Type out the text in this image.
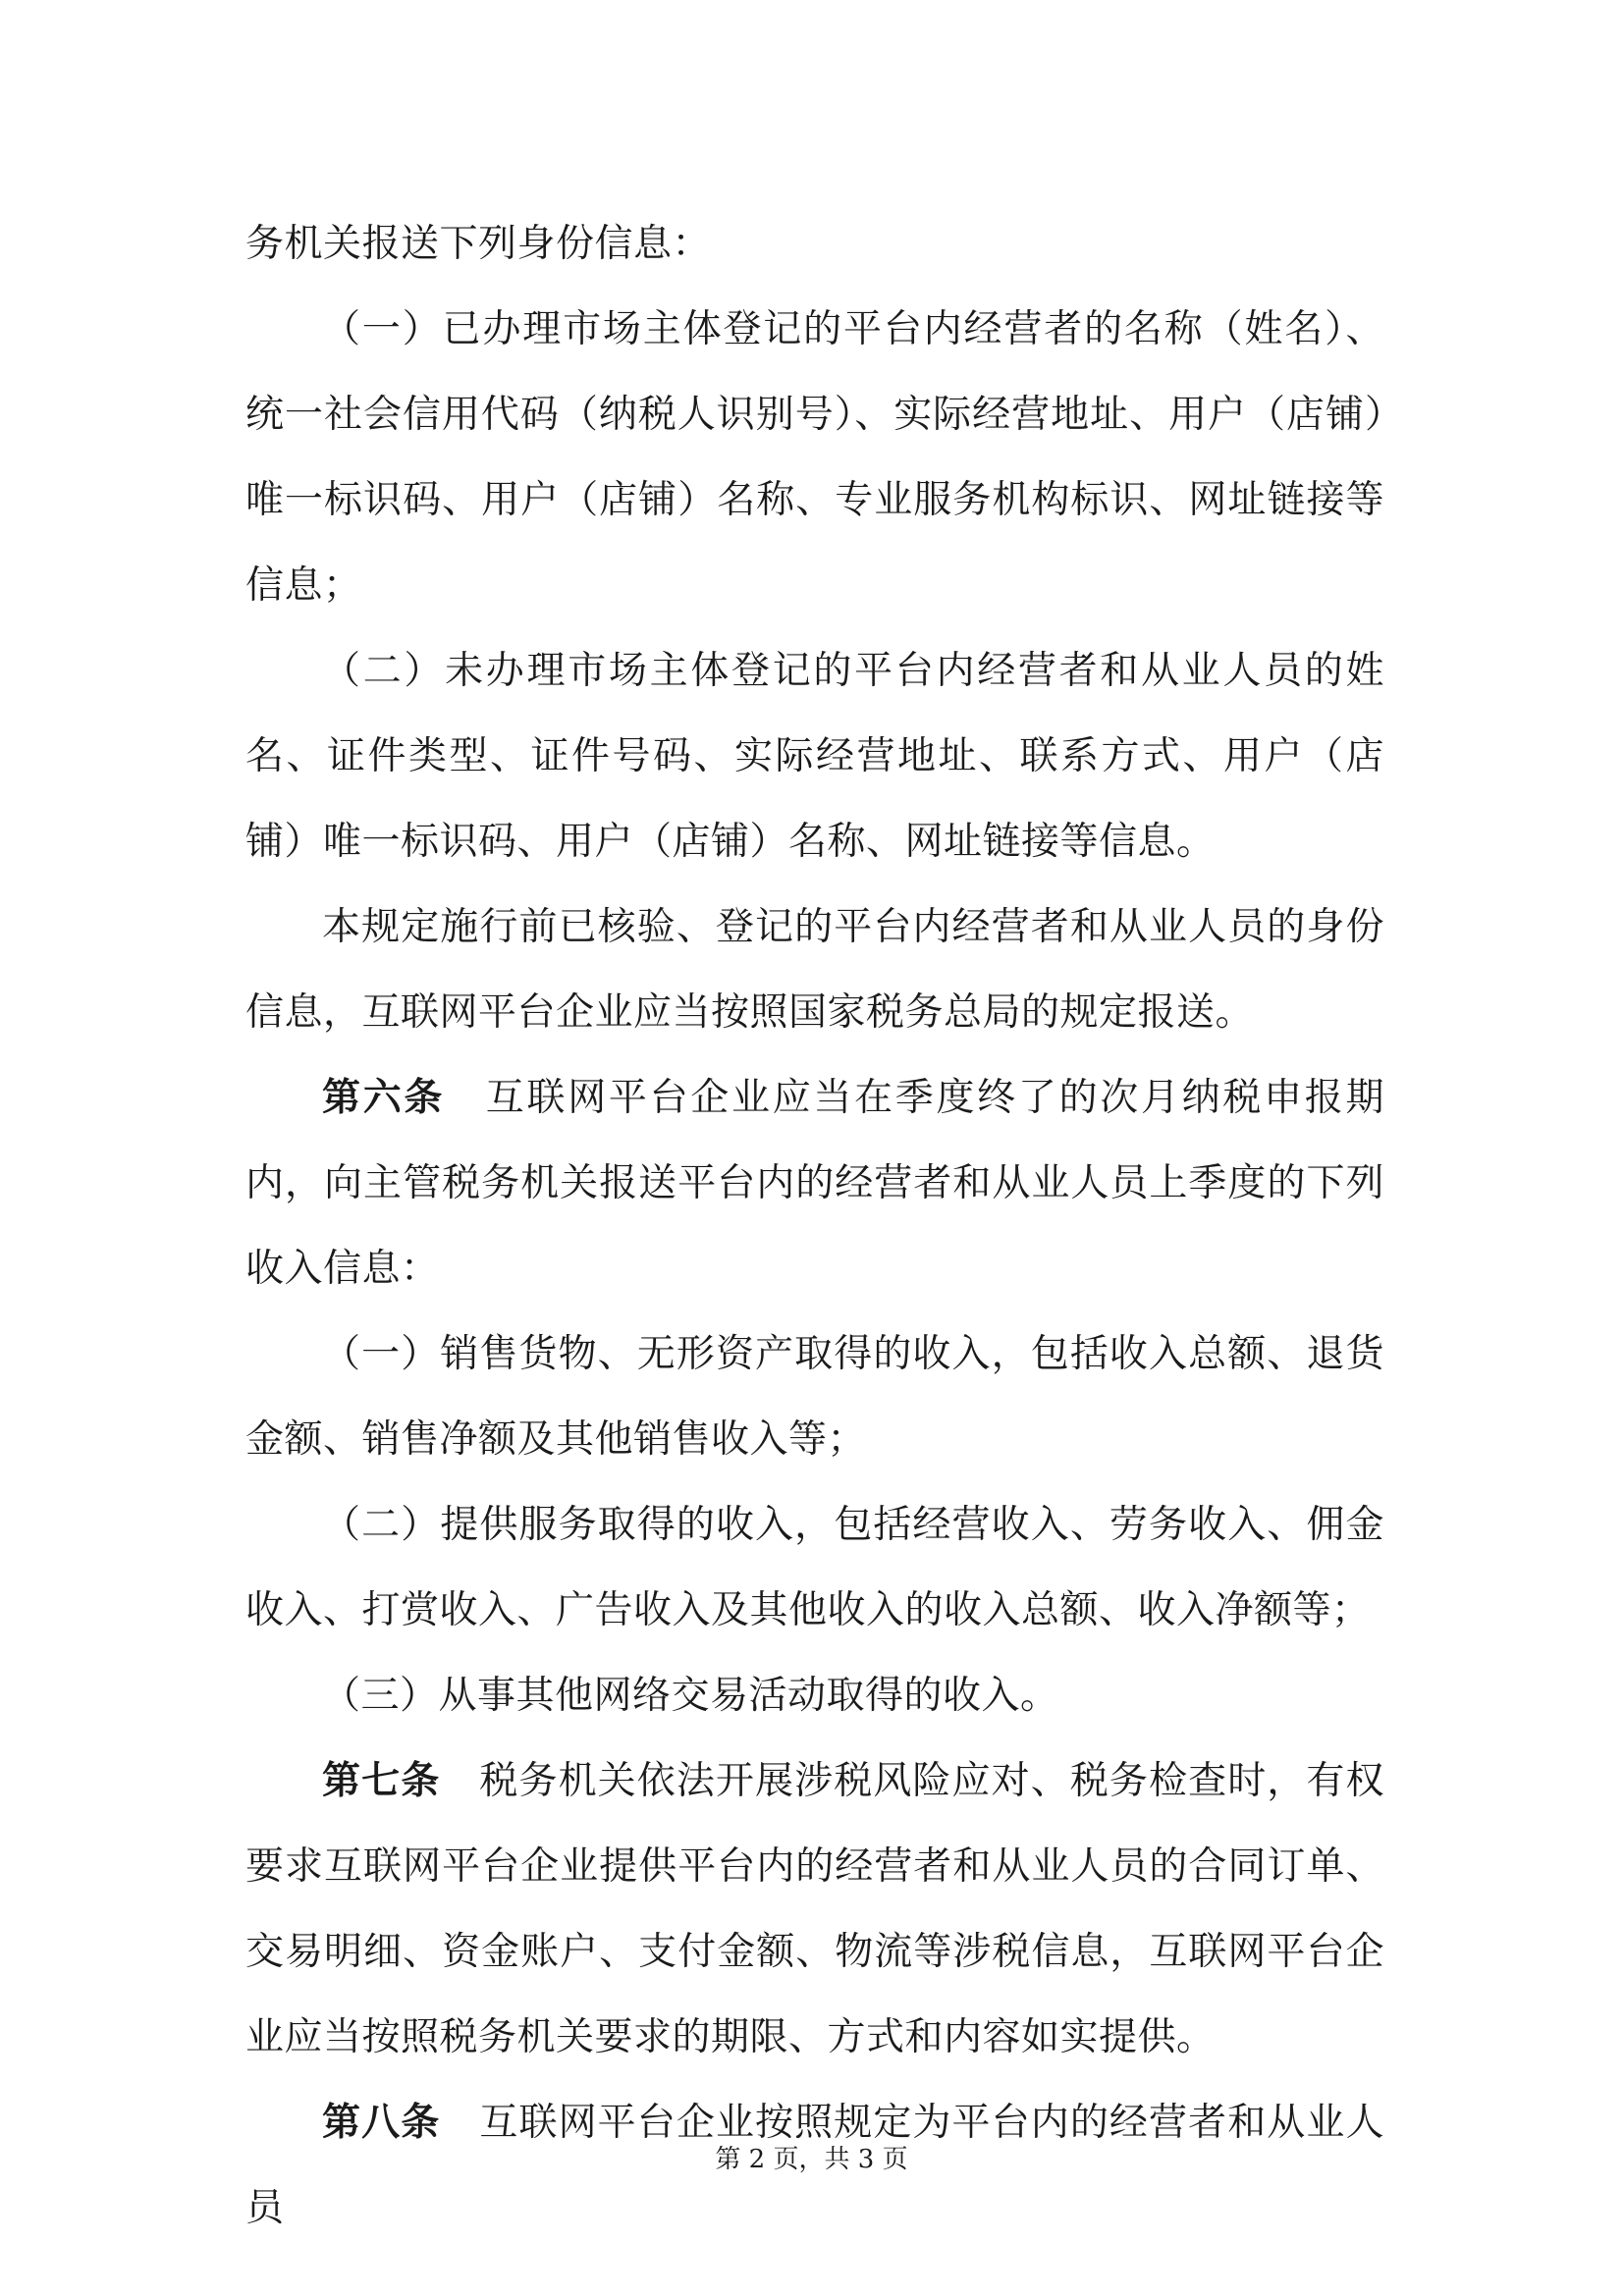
务机关报送下列身份信息：

（一）已办理市场主体登记的平台内经营者的名称（姓名）、统一社会信用代码（纳税人识别号）、实际经营地址、用户（店铺）唯一标识码、用户（店铺）名称、专业服务机构标识、网址链接等信息；

（二）未办理市场主体登记的平台内经营者和从业人员的姓名、证件类型、证件号码、实际经营地址、联系方式、用户（店铺）唯一标识码、用户（店铺）名称、网址链接等信息。

本规定施行前已核验、登记的平台内经营者和从业人员的身份信息，互联网平台企业应当按照国家税务总局的规定报送。

第六条　互联网平台企业应当在季度终了的次月纳税申报期内，向主管税务机关报送平台内的经营者和从业人员上季度的下列收入信息：

（一）销售货物、无形资产取得的收入，包括收入总额、退货金额、销售净额及其他销售收入等；

（二）提供服务取得的收入，包括经营收入、劳务收入、佣金收入、打赏收入、广告收入及其他收入的收入总额、收入净额等；

（三）从事其他网络交易活动取得的收入。

第七条　税务机关依法开展涉税风险应对、税务检查时，有权要求互联网平台企业提供平台内的经营者和从业人员的合同订单、交易明细、资金账户、支付金额、物流等涉税信息，互联网平台企业应当按照税务机关要求的期限、方式和内容如实提供。

第八条　互联网平台企业按照规定为平台内的经营者和从业人员

第 2 页，共 3 页
